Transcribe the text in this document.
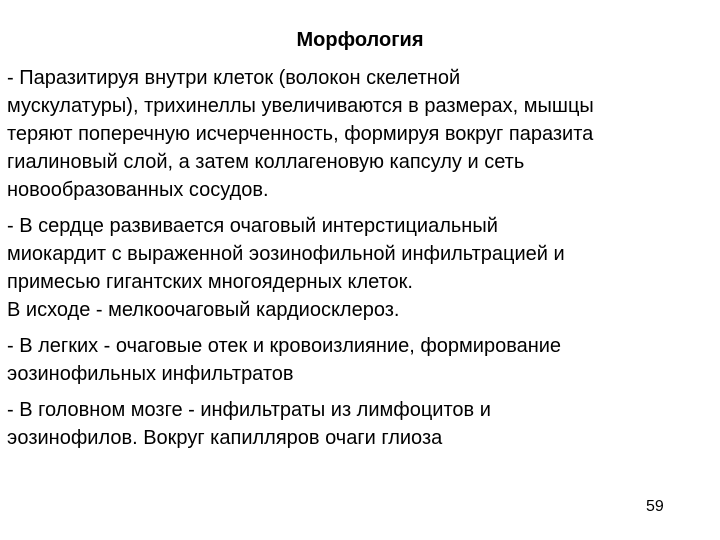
Морфология

- Паразитируя внутри клеток (волокон скелетной
мускулатуры), трихинеллы увеличиваются в размерах, мышцы
теряют поперечную исчерченность, формируя вокруг паразита
гиалиновый слой, а затем коллагеновую капсулу и сеть
новообразованных сосудов.

- В сердце развивается очаговый интерстициальный
миокардит с выраженной эозинофильной инфильтрацией и
примесью гигантских многоядерных клеток.
В исходе - мелкоочаговый кардиосклероз.

- В легких - очаговые отек и кровоизлияние, формирование
эозинофильных инфильтратов

- В головном мозге - инфильтраты из лимфоцитов и
эозинофилов. Вокруг капилляров очаги глиоза

59
